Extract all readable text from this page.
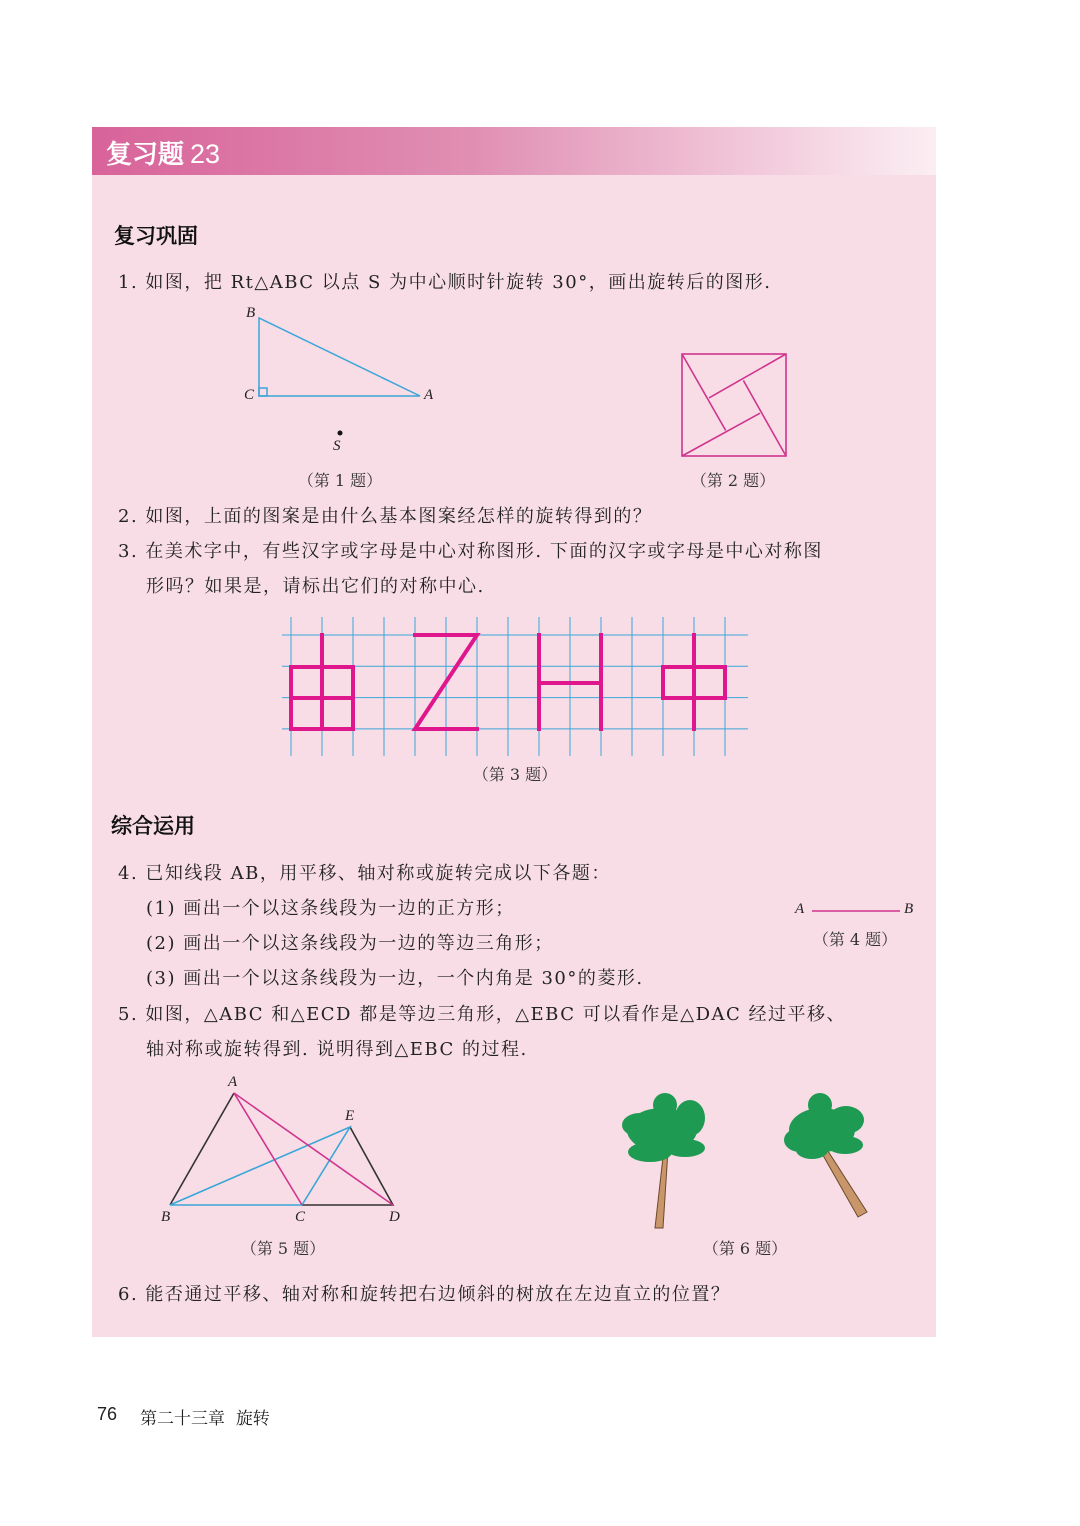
复习题 23
复习巩固
1. 如图，把 Rt△ABC 以点 S 为中心顺时针旋转 30°，画出旋转后的图形.
B
C	A
S
（第 1 题）	（第 2 题）
2. 如图，上面的图案是由什么基本图案经怎样的旋转得到的？
3. 在美术字中，有些汉字或字母是中心对称图形. 下面的汉字或字母是中心对称图
形吗？如果是，请标出它们的对称中心.
（第 3 题）
综合运用
4. 已知线段 AB，用平移、轴对称或旋转完成以下各题：
(1) 画出一个以这条线段为一边的正方形；
(2) 画出一个以这条线段为一边的等边三角形；
(3) 画出一个以这条线段为一边，一个内角是 30°的菱形.
A	B
（第 4 题）
5. 如图，△ABC 和△ECD 都是等边三角形，△EBC 可以看作是△DAC 经过平移、
轴对称或旋转得到. 说明得到△EBC 的过程.
A
E
B	C	D
（第 5 题）	（第 6 题）
6. 能否通过平移、轴对称和旋转把右边倾斜的树放在左边直立的位置？
76 第二十三章 旋转
